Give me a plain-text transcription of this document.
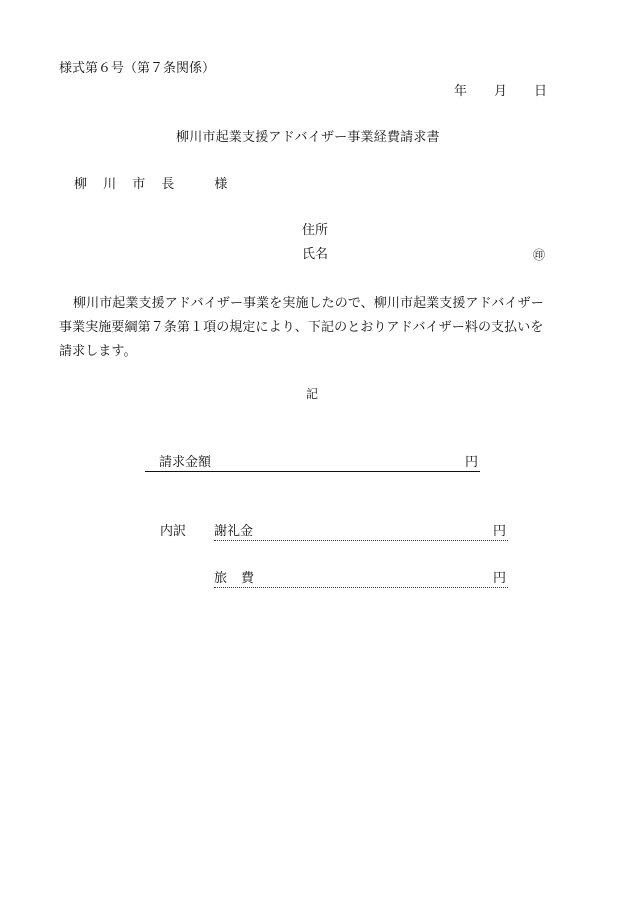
様式第６号（第７条関係）
年 月 日
柳川市起業支援アドバイザー事業経費請求書
柳 川 市 長	様
住所
氏名	㊞
柳川市起業支援アドバイザー事業を実施したので、柳川市起業支援アドバイザー
事業実施要綱第７条第１項の規定により、下記のとおりアドバイザー料の支払いを
請求します。
記
請求金額	円
内訳 謝礼金	円
旅費	円
